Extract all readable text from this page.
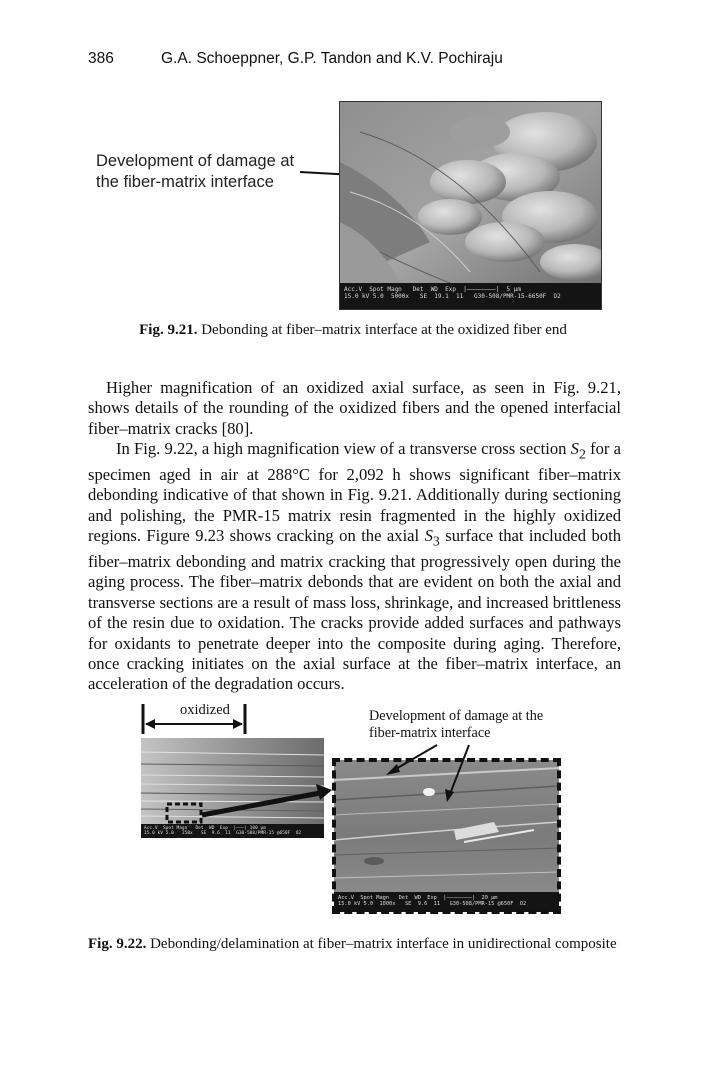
386	G.A. Schoeppner, G.P. Tandon and K.V. Pochiraju
Development of damage at the fiber-matrix interface
Acc.V  Spot Magn   Det  WD  Exp  |————————|  5 µm
15.0 kV 5.0  5000x   SE  19.1  11   G30-508/PMR-15-6650F  O2
Fig. 9.21. Debonding at fiber–matrix interface at the oxidized fiber end

Higher magnification of an oxidized axial surface, as seen in Fig. 9.21, shows details of the rounding of the oxidized fibers and the opened interfacial fiber–matrix cracks [80].

In Fig. 9.22, a high magnification view of a transverse cross section $S_2$ for a specimen aged in air at 288°C for 2,092 h shows significant fiber–matrix debonding indicative of that shown in Fig. 9.21. Additionally during sectioning and polishing, the PMR-15 matrix resin fragmented in the highly oxidized regions. Figure 9.23 shows cracking on the axial $S_3$ surface that included both fiber–matrix debonding and matrix cracking that progressively open during the aging process. The fiber–matrix debonds that are evident on both the axial and transverse sections are a result of mass loss, shrinkage, and increased brittleness of the resin due to oxidation. The cracks provide added surfaces and pathways for oxidants to penetrate deeper into the composite during aging. Therefore, once cracking initiates on the axial surface at the fiber–matrix interface, an acceleration of the degradation occurs.

oxidized	Development of damage at the fiber-matrix interface
Acc.V  Spot Magn   Det  WD  Exp  |———| 100 µm
15.0 kV 5.0   250x   SE  9.6  11  G30-508/PMR-15 @650F  O2
Acc.V  Spot Magn   Det  WD  Exp  |————————|  20 µm
15.0 kV 5.0  1000x   SE  9.6  11   G30-508/PMR-15 @650F  O2
Fig. 9.22. Debonding/delamination at fiber–matrix interface in unidirectional composite
